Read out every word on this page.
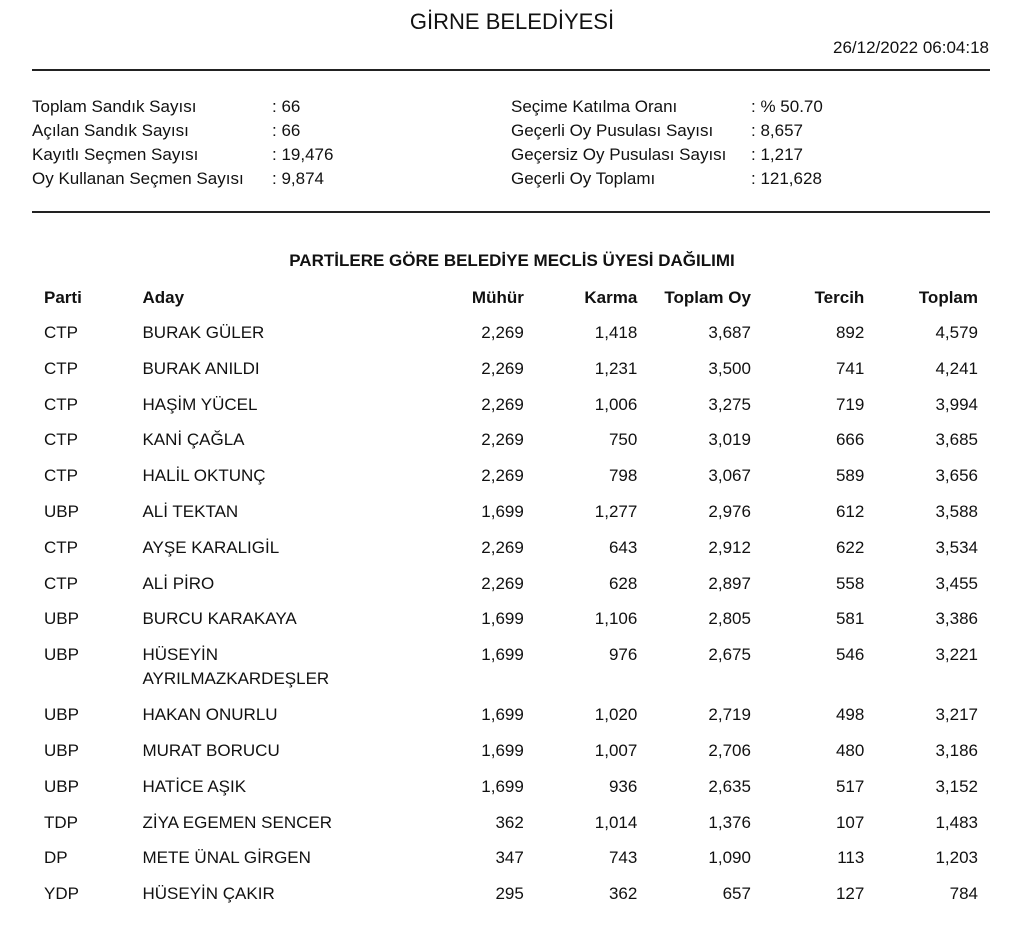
GİRNE BELEDİYESİ
26/12/2022 06:04:18
Toplam Sandık Sayısı	: 66
Açılan Sandık Sayısı	: 66
Kayıtlı Seçmen Sayısı	: 19,476
Oy Kullanan Seçmen Sayısı : 9,874
Seçime Katılma Oranı	: % 50.70
Geçerli Oy Pusulası Sayısı : 8,657
Geçersiz Oy Pusulası Sayısı : 1,217
Geçerli Oy Toplamı	: 121,628
PARTİLERE GÖRE BELEDİYE MECLİS ÜYESİ DAĞILIMI
Parti	Aday	Mühür	Karma	Toplam Oy	Tercih	Toplam
CTP	BURAK GÜLER	2,269	1,418	3,687	892	4,579
CTP	BURAK ANILDI	2,269	1,231	3,500	741	4,241
CTP	HAŞİM YÜCEL	2,269	1,006	3,275	719	3,994
CTP	KANİ ÇAĞLA	2,269	750	3,019	666	3,685
CTP	HALİL OKTUNÇ	2,269	798	3,067	589	3,656
UBP	ALİ TEKTAN	1,699	1,277	2,976	612	3,588
CTP	AYŞE KARALIGİL	2,269	643	2,912	622	3,534
CTP	ALİ PİRO	2,269	628	2,897	558	3,455
UBP	BURCU KARAKAYA	1,699	1,106	2,805	581	3,386
UBP	HÜSEYİN AYRILMAZKARDEŞLER	1,699	976	2,675	546	3,221
UBP	HAKAN ONURLU	1,699	1,020	2,719	498	3,217
UBP	MURAT BORUCU	1,699	1,007	2,706	480	3,186
UBP	HATİCE AŞIK	1,699	936	2,635	517	3,152
TDP	ZİYA EGEMEN SENCER	362	1,014	1,376	107	1,483
DP	METE ÜNAL GİRGEN	347	743	1,090	113	1,203
YDP	HÜSEYİN ÇAKIR	295	362	657	127	784
